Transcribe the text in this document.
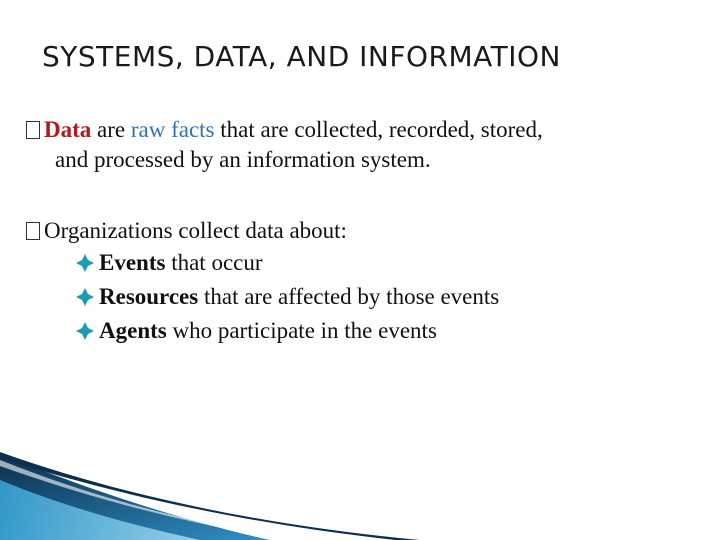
SYSTEMS, DATA, AND INFORMATION
Data are raw facts that are collected, recorded, stored,
and processed by an information system.
Organizations collect data about:
Events that occur
Resources that are affected by those events
Agents who participate in the events
